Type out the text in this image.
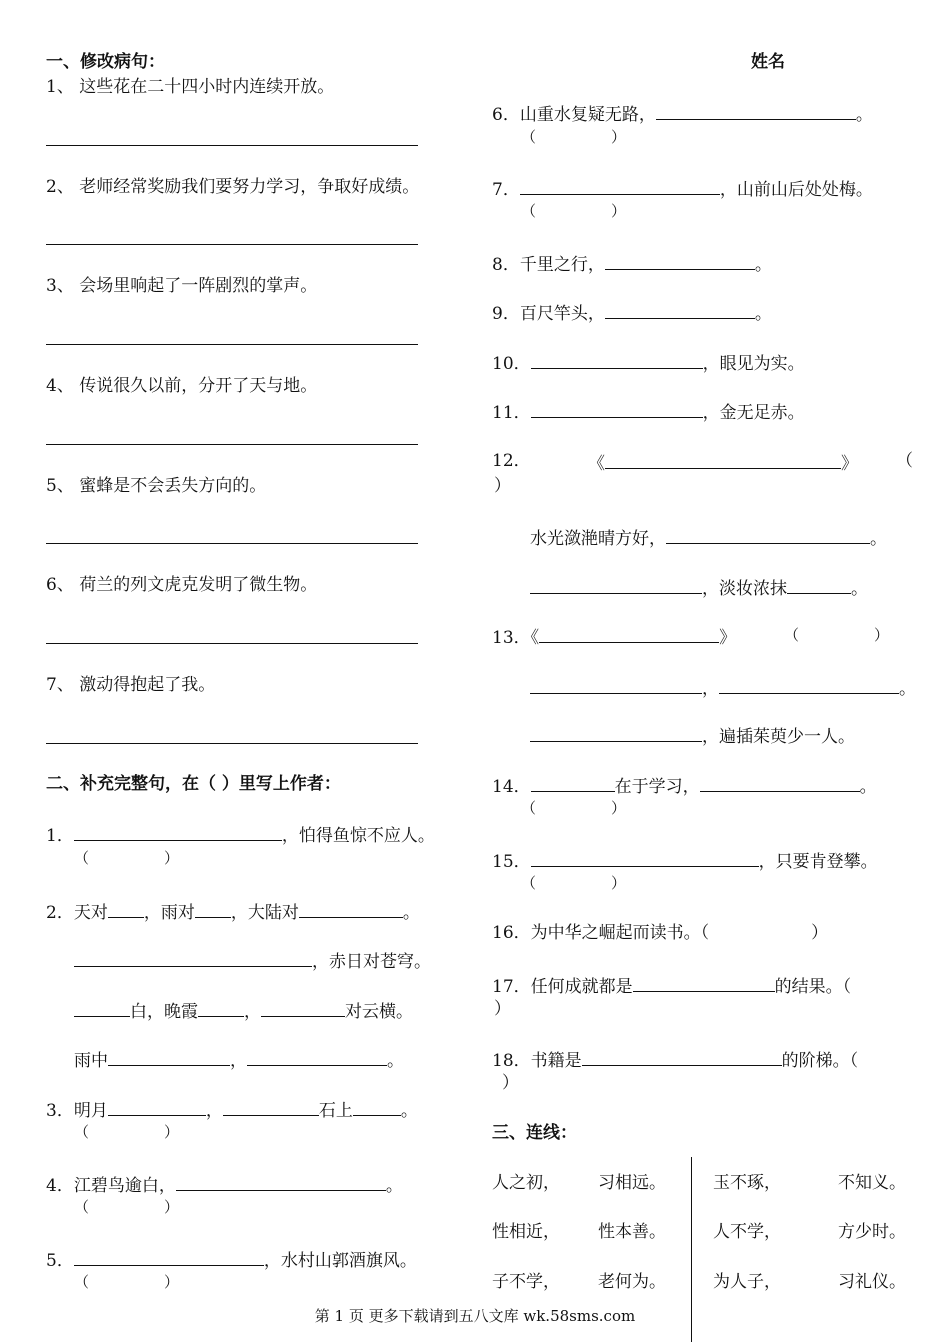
姓名
一、修改病句：
1、 这些花在二十四小时内连续开放。
2、 老师经常奖励我们要努力学习，争取好成绩。
3、 会场里响起了一阵剧烈的掌声。
4、 传说很久以前，分开了天与地。
5、 蜜蜂是不会丢失方向的。
6、 荷兰的列文虎克发明了微生物。
7、 激动得抱起了我。
二、补充完整句，在（ ）里写上作者：
1．	，怕得鱼惊不应人。
（　　　　　）
2．天对 ，雨对 ，大陆对	。
，赤日对苍穹。
白，晚霞	，	对云横。
雨中	，	。
3．明月	，	石上	。
（　　　　　）
4．江碧鸟逾白，	。
（　　　　　）
5．	，水村山郭酒旗风。
（　　　　　）
6．山重水复疑无路，	。
（　　　　　）
7．	，山前山后处处梅。
（　　　　　）
8．千里之行，	。
9．百尺竿头，	。
10．	，眼见为实。
11．	，金无足赤。
12．	《	》 （
）
水光潋滟晴方好，	。
，淡妆浓抹	。
13．《	》	（　　　　　）
，	。
，遍插茱萸少一人。
14．	在于学习，	。
（　　　　　）
15．	，只要肯登攀。
（　　　　　）
16．为中华之崛起而读书。（　　　　　　）
17．任何成就都是	的结果。（
）
18．书籍是	的阶梯。（
）
三、连线：
人之初， 习相远。
性相近， 性本善。
子不学， 老何为。
玉不琢，	不知义。
人不学，	方少时。
为人子，	习礼仪。
第 1 页 更多下载请到五八文库 wk.58sms.com
